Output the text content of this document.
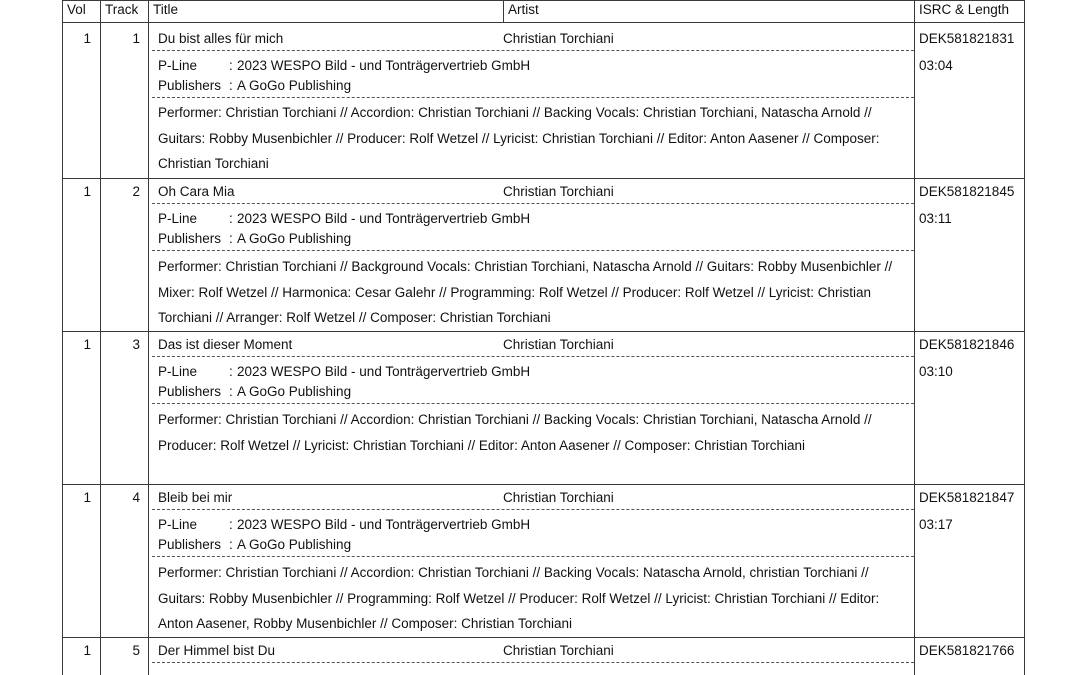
Vol Track Title	Artist	ISRC & Length
1	1 Du bist alles für mich	Christian Torchiani	DEK581821831
03:04
P-Line : 2023 WESPO Bild - und Tonträgervertrieb GmbH
Publishers : A GoGo Publishing
Performer: Christian Torchiani // Accordion: Christian Torchiani // Backing Vocals: Christian Torchiani, Natascha Arnold // Guitars: Robby Musenbichler // Producer: Rolf Wetzel // Lyricist: Christian Torchiani // Editor: Anton Aasener // Composer: Christian Torchiani
1	2 Oh Cara Mia	Christian Torchiani	DEK581821845
03:11
P-Line : 2023 WESPO Bild - und Tonträgervertrieb GmbH
Publishers : A GoGo Publishing
Performer: Christian Torchiani // Background Vocals: Christian Torchiani, Natascha Arnold // Guitars: Robby Musenbichler // Mixer: Rolf Wetzel // Harmonica: Cesar Galehr // Programming: Rolf Wetzel // Producer: Rolf Wetzel // Lyricist: Christian Torchiani // Arranger: Rolf Wetzel // Composer: Christian Torchiani
1	3 Das ist dieser Moment	Christian Torchiani	DEK581821846
03:10
P-Line : 2023 WESPO Bild - und Tonträgervertrieb GmbH
Publishers : A GoGo Publishing
Performer: Christian Torchiani // Accordion: Christian Torchiani // Backing Vocals: Christian Torchiani, Natascha Arnold // Producer: Rolf Wetzel // Lyricist: Christian Torchiani // Editor: Anton Aasener // Composer: Christian Torchiani
1	4 Bleib bei mir	Christian Torchiani	DEK581821847
03:17
P-Line : 2023 WESPO Bild - und Tonträgervertrieb GmbH
Publishers : A GoGo Publishing
Performer: Christian Torchiani // Accordion: Christian Torchiani // Backing Vocals: Natascha Arnold, christian Torchiani // Guitars: Robby Musenbichler // Programming: Rolf Wetzel // Producer: Rolf Wetzel // Lyricist: Christian Torchiani // Editor: Anton Aasener, Robby Musenbichler // Composer: Christian Torchiani
1	5 Der Himmel bist Du	Christian Torchiani	DEK581821766
